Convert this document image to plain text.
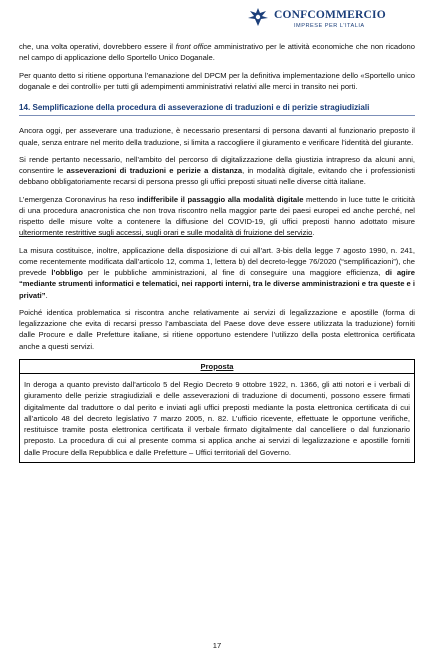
CONFCOMMERCIO
IMPRESE PER L'ITALIA

che, una volta operativi, dovrebbero essere il front office amministrativo per le attività economiche che non ricadono nel campo di applicazione dello Sportello Unico Doganale.

Per quanto detto si ritiene opportuna l’emanazione del DPCM per la definitiva implementazione dello «Sportello unico doganale e dei controlli» per tutti gli adempimenti amministrativi relativi alle merci in transito nei porti.

14. Semplificazione della procedura di asseverazione di traduzioni e di perizie stragiudiziali

Ancora oggi, per asseverare una traduzione, è necessario presentarsi di persona davanti al funzionario preposto il quale, senza entrare nel merito della traduzione, si limita a raccogliere il giuramento e verificare l’identità del giurante.

Si rende pertanto necessario, nell’ambito del percorso di digitalizzazione della giustizia intrapreso da alcuni anni, consentire le asseverazioni di traduzioni e perizie a distanza, in modalità digitale, evitando che i professionisti debbano obbligatoriamente recarsi di persona presso gli uffici preposti situati nelle diverse città italiane.

L’emergenza Coronavirus ha reso indifferibile il passaggio alla modalità digitale mettendo in luce tutte le criticità di una procedura anacronistica che non trova riscontro nella maggior parte dei paesi europei ed anche perché, nel rispetto delle misure volte a contenere la diffusione del COVID-19, gli uffici preposti hanno adottato misure ulteriormente restrittive sugli accessi, sugli orari e sulle modalità di fruizione del servizio.

La misura costituisce, inoltre, applicazione della disposizione di cui all’art. 3-bis della legge 7 agosto 1990, n. 241, come recentemente modificata dall’articolo 12, comma 1, lettera b) del decreto-legge 76/2020 (“semplificazioni”), che prevede l’obbligo per le pubbliche amministrazioni, al fine di conseguire una maggiore efficienza, di agire “mediante strumenti informatici e telematici, nei rapporti interni, tra le diverse amministrazioni e tra queste e i privati”.

Poiché identica problematica si riscontra anche relativamente ai servizi di legalizzazione e apostille (forma di legalizzazione che evita di recarsi presso l’ambasciata del Paese dove deve essere utilizzata la traduzione) forniti dalle Procure e dalle Prefetture italiane, si ritiene opportuno estendere l’utilizzo della posta elettronica certificata anche a questi servizi.

Proposta
In deroga a quanto previsto dall’articolo 5 del Regio Decreto 9 ottobre 1922, n. 1366, gli atti notori e i verbali di giuramento delle perizie stragiudiziali e delle asseverazioni di traduzione di documenti, possono essere firmati digitalmente dal traduttore o dal perito e inviati agli uffici preposti mediante la posta elettronica certificata di cui all’articolo 48 del decreto legislativo 7 marzo 2005, n. 82. L’ufficio ricevente, effettuate le opportune verifiche, restituisce tramite posta elettronica certificata il verbale firmato digitalmente dal cancelliere o dal funzionario preposto. La procedura di cui al presente comma si applica anche ai servizi di legalizzazione e apostille forniti dalle Procure della Repubblica e dalle Prefetture – Uffici territoriali del Governo.
17
